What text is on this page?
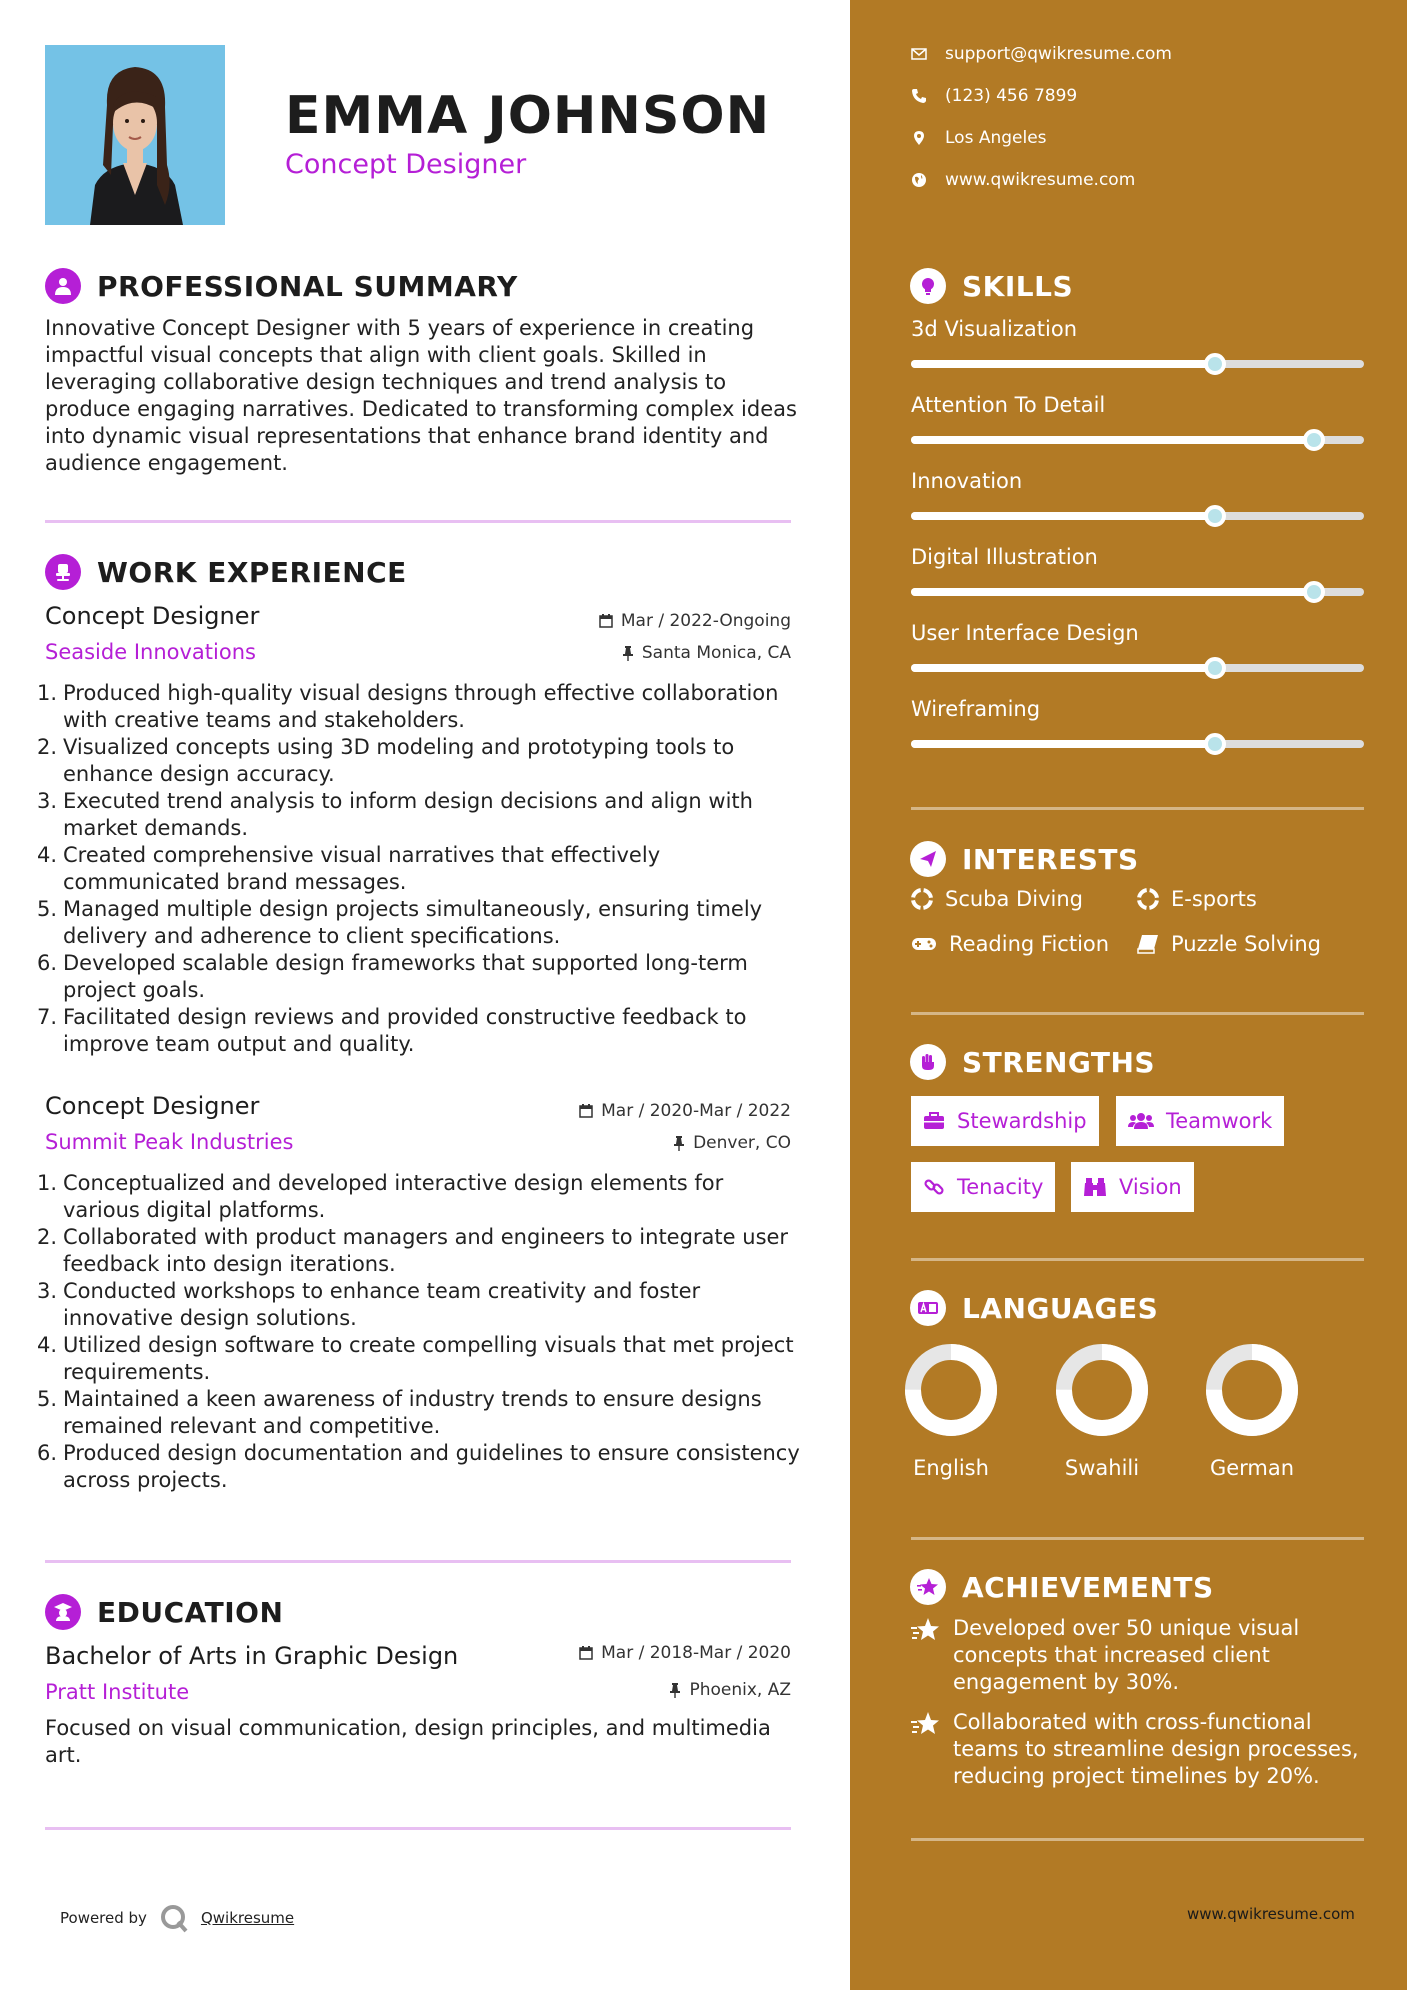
EMMA JOHNSON
Concept Designer
PROFESSIONAL SUMMARY
Innovative Concept Designer with 5 years of experience in creating impactful visual concepts that align with client goals. Skilled in leveraging collaborative design techniques and trend analysis to produce engaging narratives. Dedicated to transforming complex ideas into dynamic visual representations that enhance brand identity and audience engagement.
WORK EXPERIENCE
Concept Designer
Seaside Innovations
Mar / 2022-Ongoing
Santa Monica, CA
1. Produced high-quality visual designs through effective collaboration with creative teams and stakeholders.
2. Visualized concepts using 3D modeling and prototyping tools to enhance design accuracy.
3. Executed trend analysis to inform design decisions and align with market demands.
4. Created comprehensive visual narratives that effectively communicated brand messages.
5. Managed multiple design projects simultaneously, ensuring timely delivery and adherence to client specifications.
6. Developed scalable design frameworks that supported long-term project goals.
7. Facilitated design reviews and provided constructive feedback to improve team output and quality.
Concept Designer
Summit Peak Industries
Mar / 2020-Mar / 2022
Denver, CO
1. Conceptualized and developed interactive design elements for various digital platforms.
2. Collaborated with product managers and engineers to integrate user feedback into design iterations.
3. Conducted workshops to enhance team creativity and foster innovative design solutions.
4. Utilized design software to create compelling visuals that met project requirements.
5. Maintained a keen awareness of industry trends to ensure designs remained relevant and competitive.
6. Produced design documentation and guidelines to ensure consistency across projects.
EDUCATION
Bachelor of Arts in Graphic Design
Pratt Institute
Mar / 2018-Mar / 2020
Phoenix, AZ
Focused on visual communication, design principles, and multimedia art.
Powered by	Qwikresume
support@qwikresume.com
(123) 456 7899
Los Angeles
www.qwikresume.com
SKILLS
3d Visualization
Attention To Detail
Innovation
Digital Illustration
User Interface Design
Wireframing
INTERESTS
Scuba Diving	E-sports
Reading Fiction	Puzzle Solving
STRENGTHS
Stewardship	Teamwork
Tenacity	Vision
LANGUAGES
English	Swahili	German
ACHIEVEMENTS
Developed over 50 unique visual concepts that increased client engagement by 30%.
Collaborated with cross-functional teams to streamline design processes, reducing project timelines by 20%.
www.qwikresume.com
